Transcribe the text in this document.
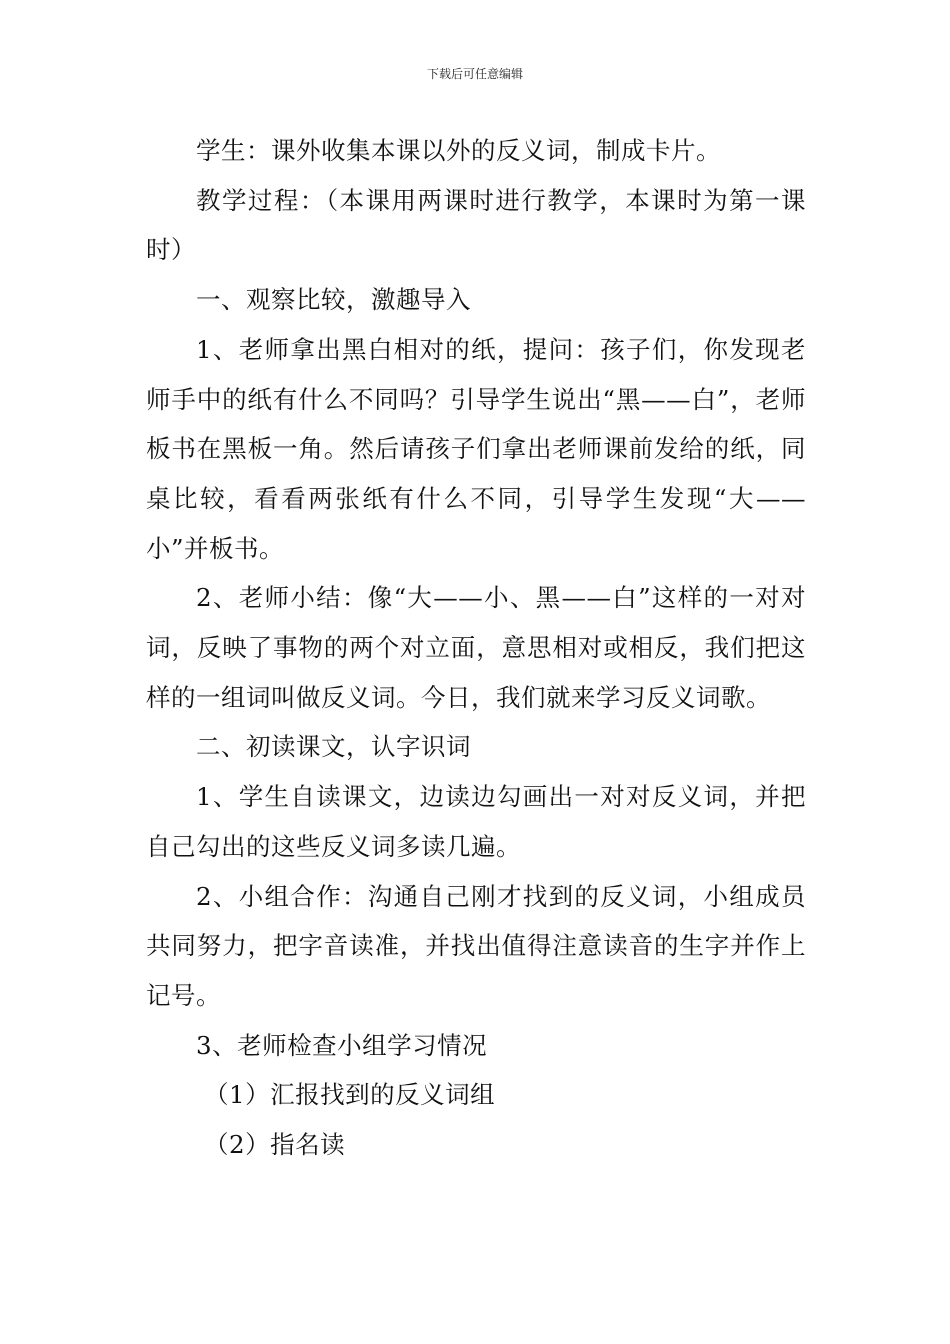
下载后可任意编辑

学生：课外收集本课以外的反义词，制成卡片。

教学过程：（本课用两课时进行教学，本课时为第一课时）

一、观察比较，激趣导入

1、老师拿出黑白相对的纸，提问：孩子们，你发现老师手中的纸有什么不同吗？引导学生说出“黑——白”，老师板书在黑板一角。然后请孩子们拿出老师课前发给的纸，同桌比较，看看两张纸有什么不同，引导学生发现“大——小”并板书。

2、老师小结：像“大——小、黑——白”这样的一对对词，反映了事物的两个对立面，意思相对或相反，我们把这样的一组词叫做反义词。今日，我们就来学习反义词歌。

二、初读课文，认字识词

1、学生自读课文，边读边勾画出一对对反义词，并把自己勾出的这些反义词多读几遍。

2、小组合作：沟通自己刚才找到的反义词，小组成员共同努力，把字音读准，并找出值得注意读音的生字并作上记号。

3、老师检查小组学习情况

（1）汇报找到的反义词组

（2）指名读
